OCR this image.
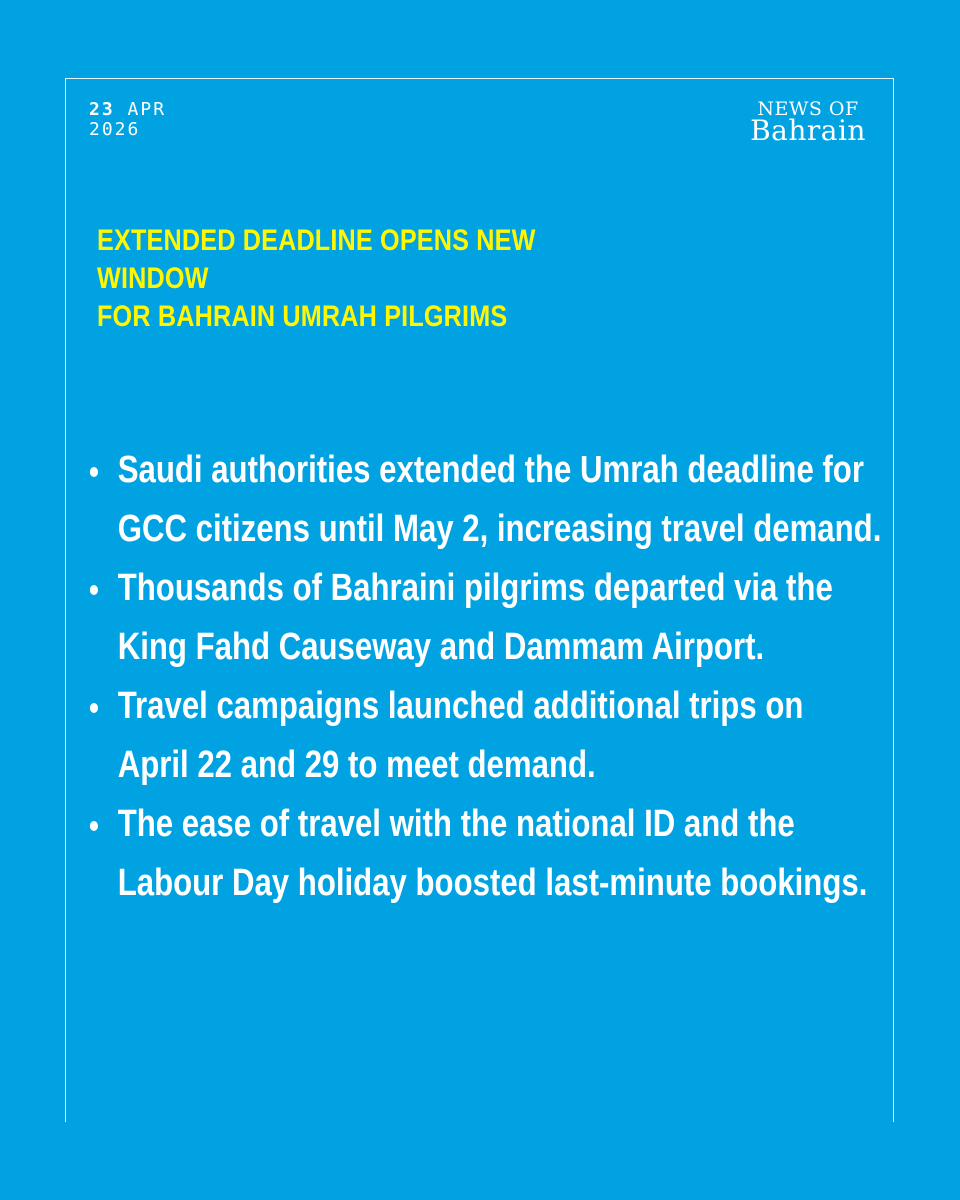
23 APR
2026
NEWS OF
Bahrain
EXTENDED DEADLINE OPENS NEW WINDOW
FOR BAHRAIN UMRAH PILGRIMS
Saudi authorities extended the Umrah deadline for
GCC citizens until May 2, increasing travel demand.
Thousands of Bahraini pilgrims departed via the
King Fahd Causeway and Dammam Airport.
Travel campaigns launched additional trips on
April 22 and 29 to meet demand.
The ease of travel with the national ID and the
Labour Day holiday boosted last-minute bookings.
